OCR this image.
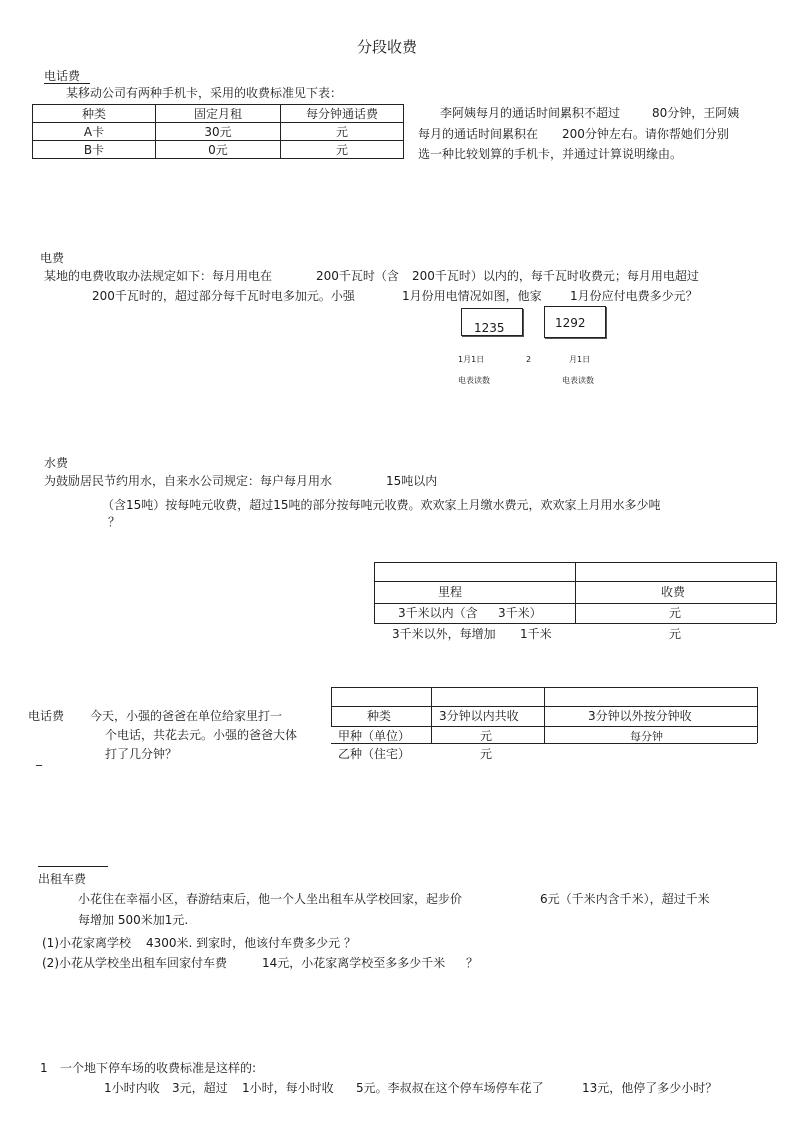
分段收费
电话费
某移动公司有两种手机卡，采用的收费标准见下表：
种类	固定月租	每分钟通话费
A卡	30元	元
B卡	0元	元
李阿姨每月的通话时间累积不超过	80分钟，王阿姨
每月的通话时间累积在 200分钟左右。请你帮她们分别
选一种比较划算的手机卡，并通过计算说明缘由。
电费
某地的电费收取办法规定如下：每月用电在	200千瓦时（含 200千瓦时）以内的，每千瓦时收费元；每月用电超过
200千瓦时的，超过部分每千瓦时电多加元。小强	1月份用电情况如图，他家 1月份应付电费多少元？
1235	1292
1月1日	2	月1日
电表读数	电表读数
水费
为鼓励居民节约用水，自来水公司规定：每户每月用水	15吨以内
（含15吨）按每吨元收费，超过15吨的部分按每吨元收费。欢欢家上月缴水费元，欢欢家上月用水多少吨
？
里程	收费
3千米以内（含 3千米）	元
3千米以外，每增加 1千米	元
电话费 今天，小强的爸爸在单位给家里打一
个电话，共花去元。小强的爸爸大体
打了几分钟？
_
种类	3分钟以内共收	3分钟以外按分钟收
甲种（单位）	元	每分钟
乙种（住宅）	元
出租车费
小花住在幸福小区，春游结束后，他一个人坐出租车从学校回家，起步价	6元（千米内含千米），超过千米
每增加 500米加1元.
(1)小花家离学校 4300米. 到家时，他该付车费多少元 ？
(2)小花从学校坐出租车回家付车费	14元，小花家离学校至多多少千米 ？
1 一个地下停车场的收费标准是这样的:
1小时内收 3元，超过 1小时，每小时收 5元。李叔叔在这个停车场停车花了	13元，他停了多少小时？
